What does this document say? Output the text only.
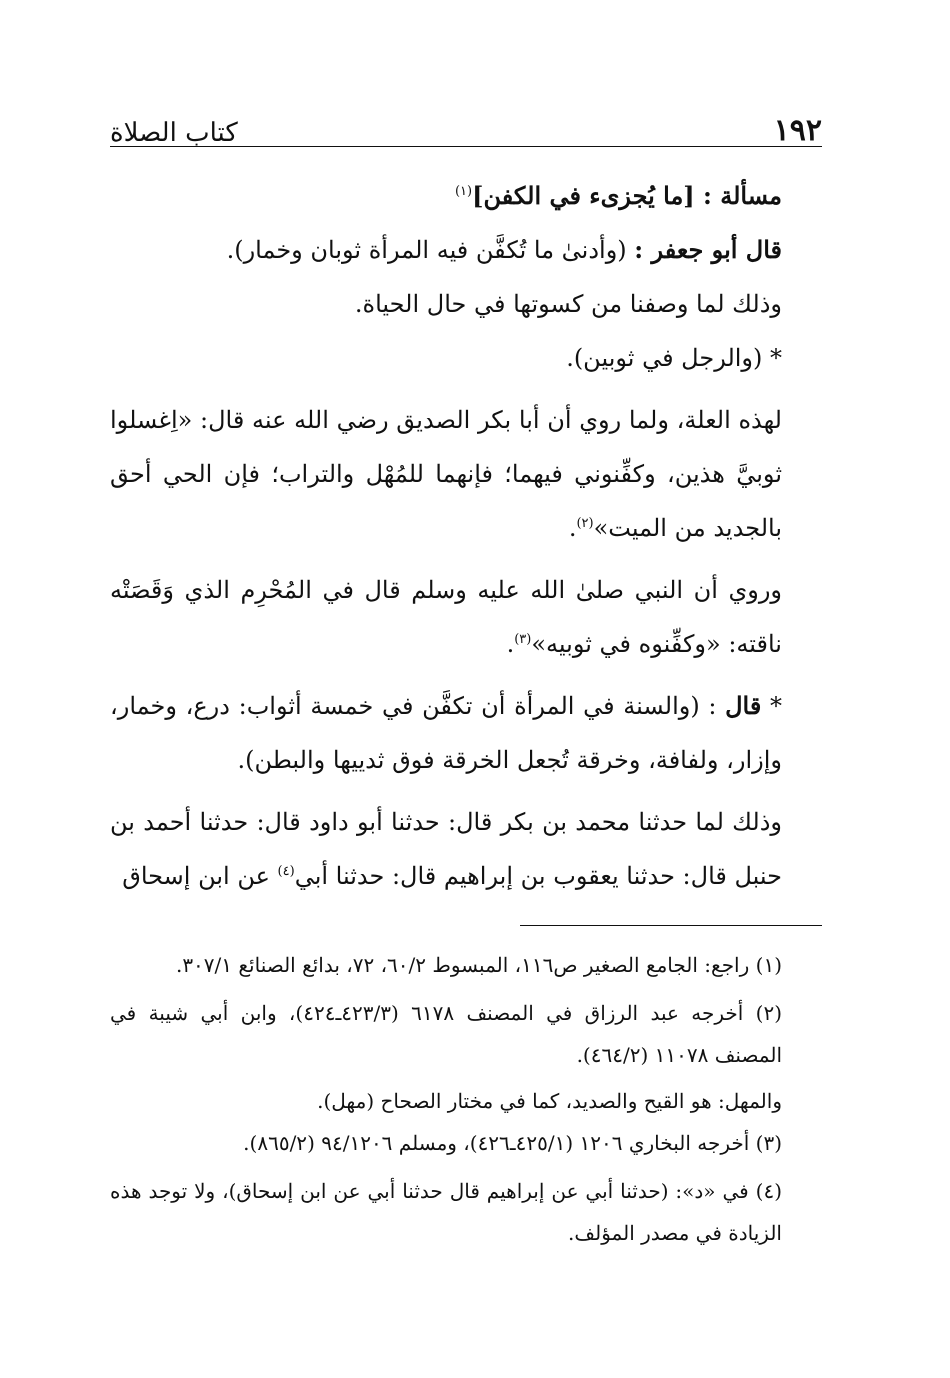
١٩٢
كتاب الصلاة

مسألة : [ما يُجزىء في الكفن]$^{(١)}$

قال أبو جعفر : (وأدنىٰ ما تُكفَّن فيه المرأة ثوبان وخمار).

وذلك لما وصفنا من كسوتها في حال الحياة.

* (والرجل في ثوبين).

لهذه العلة، ولما روي أن أبا بكر الصديق رضي الله عنه قال: «اِغسلوا ثوبيَّ هذين، وكفِّنوني فيهما؛ فإنهما للمُهْل والتراب؛ فإن الحي أحق بالجديد من الميت»$^{(٢)}$.

وروي أن النبي صلىٰ الله عليه وسلم قال في المُحْرِم الذي وَقَصَتْه ناقته: «وكفِّنوه في ثوبيه»$^{(٣)}$.

* قال : (والسنة في المرأة أن تكفَّن في خمسة أثواب: درع، وخمار، وإزار، ولفافة، وخرقة تُجعل الخرقة فوق ثدييها والبطن).

وذلك لما حدثنا محمد بن بكر قال: حدثنا أبو داود قال: حدثنا أحمد بن حنبل قال: حدثنا يعقوب بن إبراهيم قال: حدثنا أبي$^{(٤)}$ عن ابن إسحاق

(١) راجع: الجامع الصغير ص١١٦، المبسوط ٦٠/٢، ٧٢، بدائع الصنائع ٣٠٧/١.

(٢) أخرجه عبد الرزاق في المصنف ٦١٧٨ (٤٢٣/٣ـ٤٢٤)، وابن أبي شيبة في المصنف ١١٠٧٨ (٤٦٤/٢).

والمهل: هو القيح والصديد، كما في مختار الصحاح (مهل).

(٣) أخرجه البخاري ١٢٠٦ (٤٢٥/١ـ٤٢٦)، ومسلم ٩٤/١٢٠٦ (٨٦٥/٢).

(٤) في «د»: (حدثنا أبي عن إبراهيم قال حدثنا أبي عن ابن إسحاق)، ولا توجد هذه الزيادة في مصدر المؤلف.
